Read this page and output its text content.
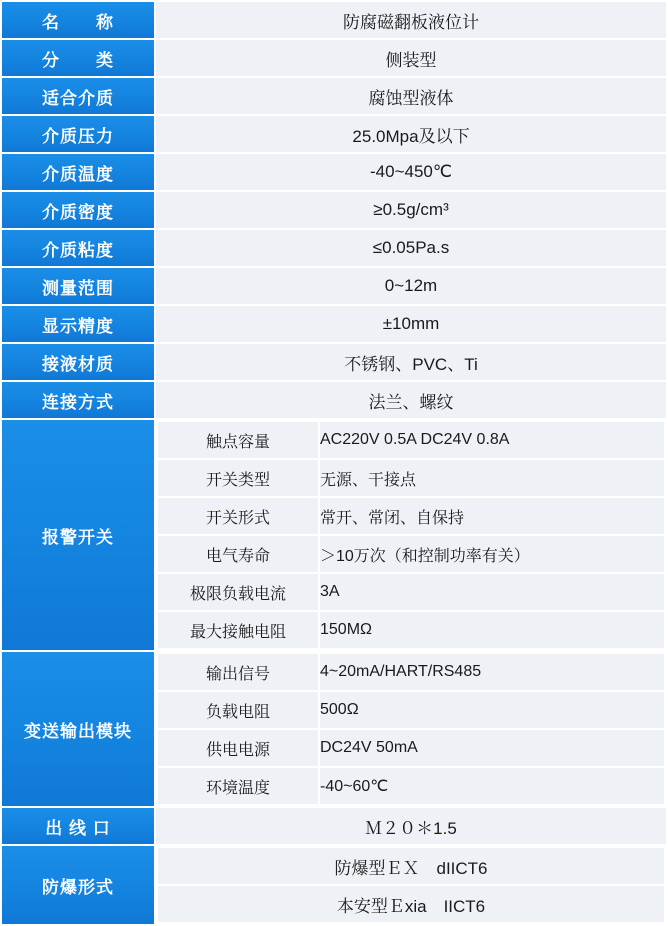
名　　称	防腐磁翻板液位计
分　　类	侧装型
适合介质	腐蚀型液体
介质压力	25.0Mpa及以下
介质温度	-40~450℃
介质密度	≥0.5g/cm³
介质粘度	≤0.05Pa.s
测量范围	0~12m
显示精度	±10mm
接液材质	不锈钢、PVC、Ti
连接方式	法兰、螺纹
报警开关	
触点容量	AC220V 0.5A DC24V 0.8A
开关类型	无源、干接点
开关形式	常开、常闭、自保持
电气寿命	＞10万次（和控制功率有关）
极限负载电流	3A
最大接触电阻	150MΩ

变送输出模块	
输出信号	4~20mA/HART/RS485
负载电阻	500Ω
供电电源	DC24V 50mA
环境温度	-40~60℃

出 线 口	Ｍ２０＊1.5
防爆形式	
防爆型ＥＸ　dIICT6
本安型Ｅxia　IICT6
